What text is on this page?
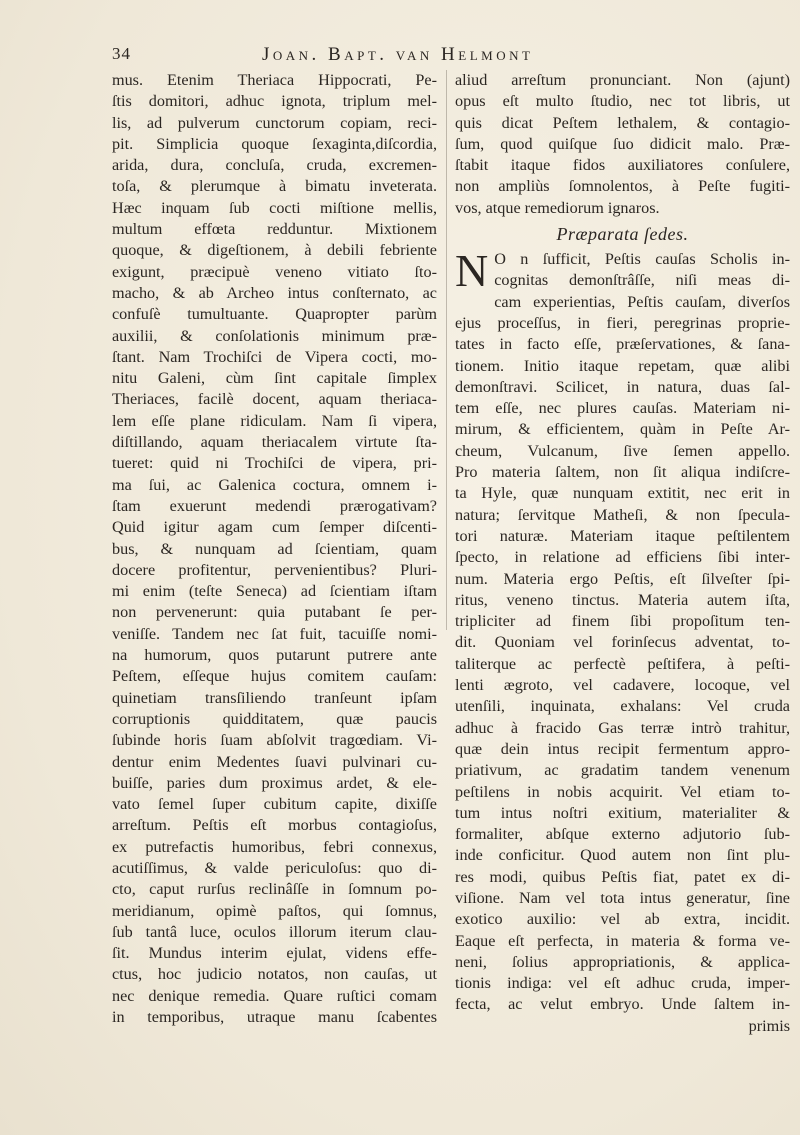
34	Joan. Bapt. van Helmont
mus. Etenim Theriaca Hippocrati, Pe-
ſtis domitori, adhuc ignota, triplum mel-
lis, ad pulverum cunctorum copiam, reci-
pit. Simplicia quoque ſexaginta,diſcordia,
arida, dura, concluſa, cruda, excremen-
toſa, & plerumque à bimatu inveterata.
Hæc inquam ſub cocti miſtione mellis,
multum effœta redduntur. Mixtionem
quoque, & digeſtionem, à debili febriente
exigunt, præcipuè veneno vitiato ſto-
macho, & ab Archeo intus conſternato, ac
confuſè tumultuante. Quapropter parùm
auxilii, & conſolationis minimum præ-
ſtant. Nam Trochiſci de Vipera cocti, mo-
nitu Galeni, cùm ſint capitale ſimplex
Theriaces, facilè docent, aquam theriaca-
lem eſſe plane ridiculam. Nam ſi vipera,
diſtillando, aquam theriacalem virtute ſta-
tueret: quid ni Trochiſci de vipera, pri-
ma ſui, ac Galenica coctura, omnem i-
ſtam exuerunt medendi prærogativam?
Quid igitur agam cum ſemper diſcenti-
bus, & nunquam ad ſcientiam, quam
docere profitentur, pervenientibus? Pluri-
mi enim (teſte Seneca) ad ſcientiam iſtam
non pervenerunt: quia putabant ſe per-
veniſſe. Tandem nec ſat fuit, tacuiſſe nomi-
na humorum, quos putarunt putrere ante
Peſtem, eſſeque hujus comitem cauſam:
quinetiam transſiliendo tranſeunt ipſam
corruptionis quidditatem, quæ paucis
ſubinde horis ſuam abſolvit tragœdiam. Vi-
dentur enim Medentes ſuavi pulvinari cu-
buiſſe, paries dum proximus ardet, & ele-
vato ſemel ſuper cubitum capite, dixiſſe
arreſtum. Peſtis eſt morbus contagioſus,
ex putrefactis humoribus, febri connexus,
acutiſſimus, & valde periculoſus: quo di-
cto, caput rurſus reclinâſſe in ſomnum po-
meridianum, opimè paſtos, qui ſomnus,
ſub tantâ luce, oculos illorum iterum clau-
ſit. Mundus interim ejulat, videns effe-
ctus, hoc judicio notatos, non cauſas, ut
nec denique remedia. Quare ruſtici comam
in temporibus, utraque manu ſcabentes
aliud arreſtum pronunciant. Non (ajunt)
opus eſt multo ſtudio, nec tot libris, ut
quis dicat Peſtem lethalem, & contagio-
ſum, quod quiſque ſuo didicit malo. Præ-
ſtabit itaque fidos auxiliatores conſulere,
non ampliùs ſomnolentos, à Peſte fugiti-
vos, atque remediorum ignaros.
Præparata ſedes.
N O n ſufficit, Peſtis cauſas Scholis in-
cognitas demonſtrâſſe, niſi meas di-
cam experientias, Peſtis cauſam, diverſos
ejus proceſſus, in fieri, peregrinas proprie-
tates in facto eſſe, præſervationes, & ſana-
tionem. Initio itaque repetam, quæ alibi
demonſtravi. Scilicet, in natura, duas ſal-
tem eſſe, nec plures cauſas. Materiam ni-
mirum, & efficientem, quàm in Peſte Ar-
cheum, Vulcanum, ſive ſemen appello.
Pro materia ſaltem, non ſit aliqua indiſcre-
ta Hyle, quæ nunquam extitit, nec erit in
natura; ſervitque Matheſi, & non ſpecula-
tori naturæ. Materiam itaque peſtilentem
ſpecto, in relatione ad efficiens ſibi inter-
num. Materia ergo Peſtis, eſt ſilveſter ſpi-
ritus, veneno tinctus. Materia autem iſta,
tripliciter ad finem ſibi propoſitum ten-
dit. Quoniam vel forinſecus adventat, to-
taliterque ac perfectè peſtifera, à peſti-
lenti ægroto, vel cadavere, locoque, vel
utenſili, inquinata, exhalans: Vel cruda
adhuc à fracido Gas terræ intrò trahitur,
quæ dein intus recipit fermentum appro-
priativum, ac gradatim tandem venenum
peſtilens in nobis acquirit. Vel etiam to-
tum intus noſtri exitium, materialiter &
formaliter, abſque externo adjutorio ſub-
inde conficitur. Quod autem non ſint plu-
res modi, quibus Peſtis fiat, patet ex di-
viſione. Nam vel tota intus generatur, ſine
exotico auxilio: vel ab extra, incidit.
Eaque eſt perfecta, in materia & forma ve-
neni, ſolius appropriationis, & applica-
tionis indiga: vel eſt adhuc cruda, imper-
fecta, ac velut embryo. Unde ſaltem in-
primis
